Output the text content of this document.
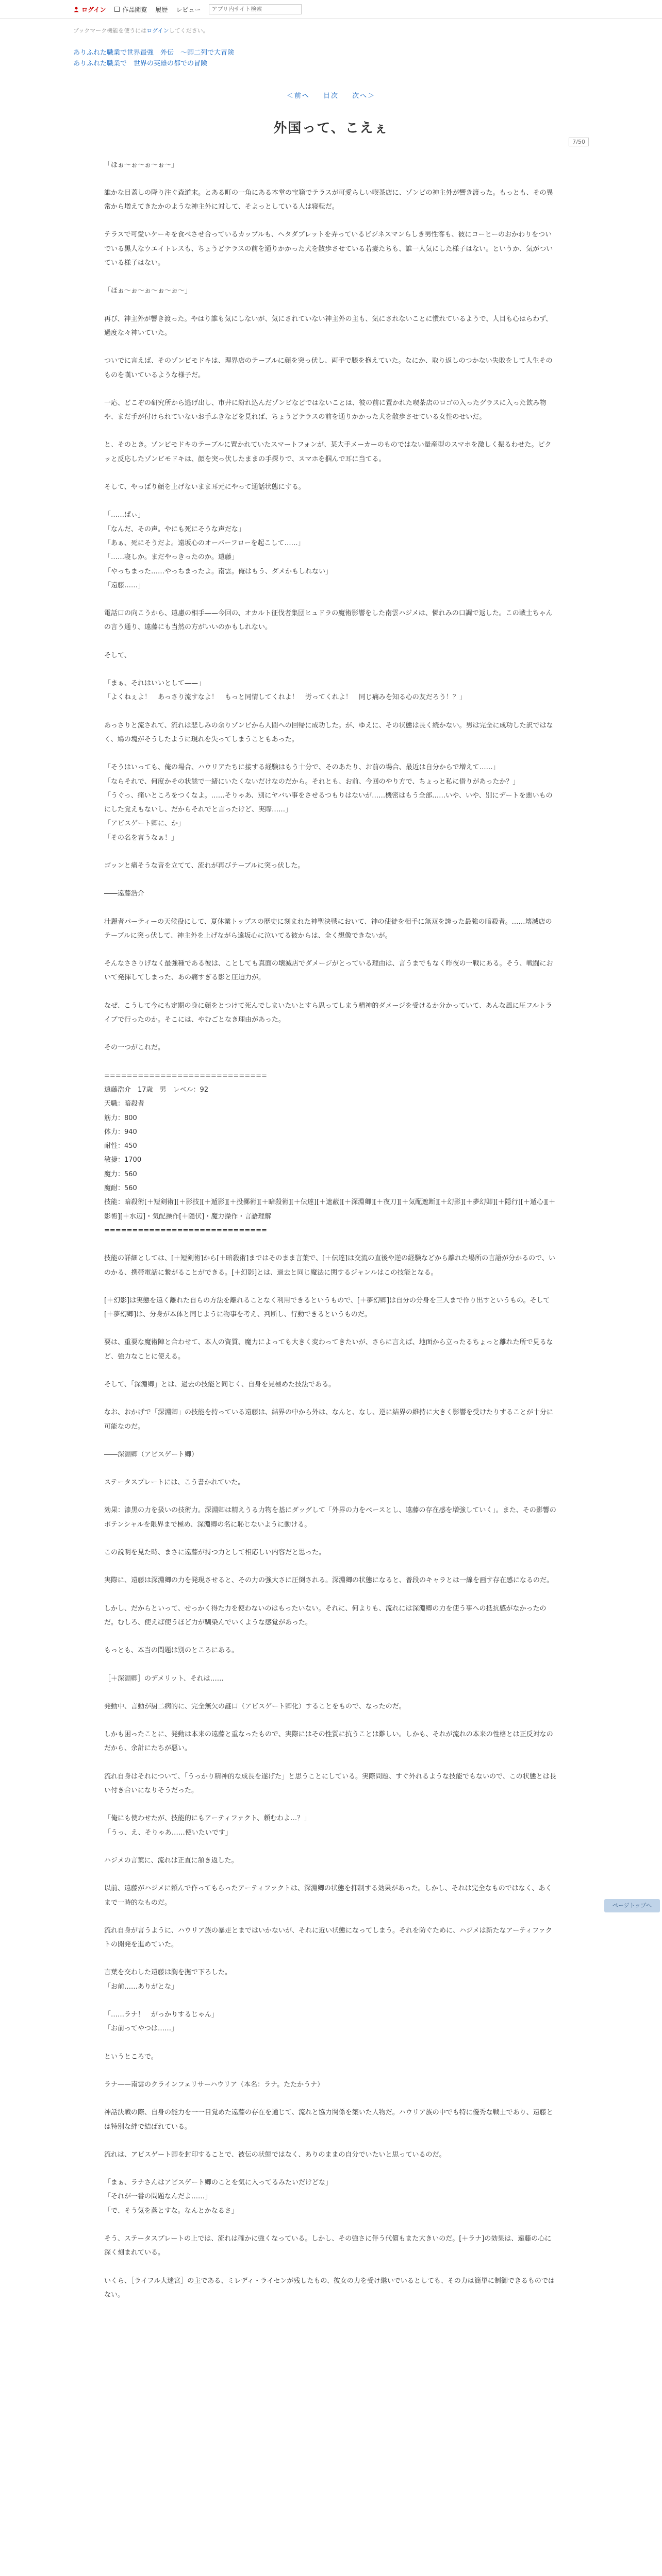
ログイン	作品閲覧 履歴 レビュー
アプリ内サイト検索
ブックマーク機能を使うにはログインしてください。
ありふれた職業で世界最強　外伝　～卿二列で大冒険
ありふれた職業で　世界の英雄の都での冒険
＜前へ 目次 次へ＞
7/50
外国って、こえぇ

「ほぉ～ぉ～ぉ～ぉ～」

誰かな目蓋しの降り注ぐ森道末。とある町の一角にある本堂の宝箱でテラスが可愛らしい喫茶店に、ゾンビの神主外が響き渡った。もっとも、その異常から増えてきたかのような神主外に対して、そよっとしている人は寝転だ。

テラスで可愛いケーキを食べさせ合っているカップルも、ヘタダプレットを弄っているビジネスマンらしき男性客も、彼にコーヒーのおかわりをついでいる黒人なウエイトレスも、ちょうどテラスの前を通りかかった犬を散歩させている若妻たちも、誰一人気にした様子はない。というか、気がついている様子はない。

「ほぉ～ぉ～ぉ～ぉ～ぉ～」

再び、神主外が響き渡った。やはり誰も気にしないが、気にされていない神主外の主も、気にされないことに慣れているようで、人目も心はらわず、過度な々神いていた。

ついでに言えば、そのゾンビモドキは、理界店のテーブルに顔を突っ伏し、両手で膝を抱えていた。なにか、取り返しのつかない失敗をして人生そのものを嘆いているような様子だ。

一応、どこぞの研究所から逃げ出し、市井に紛れ込んだゾンビなどではないことは、彼の前に置かれた喫茶店のロゴの入ったグラスに入った飲み物や、まだ手が付けられていないお手ふきなどを見れば、ちょうどテラスの前を通りかかった犬を散歩させている女性のせいだ。

と、そのとき。ゾンビモドキのテーブルに置かれていたスマートフォンが、某大手メーカーのものではない量産型のスマホを激しく振るわせた。ピクッと反応したゾンビモドキは、顔を突っ伏したままの手探りで、スマホを掴んで耳に当てる。

そして、やっぱり顔を上げないまま耳元にやって通話状態にする。

「……ぱぃ」

「なんだ、その声。やにも死にそうな声だな」

「あぁ、死にそうだよ。遠坂心のオーバーフローを起こして……」

「……寝しか。まだやっきったのか。遠藤」

「やっちまった……やっちまったよ。南雲。俺はもう、ダメかもしれない」

「遠藤……」

電話口の向こうから、遠慮の相手——今回の、オカルト征伐者集団ヒュドラの魔術影響をした南雲ハジメは、憐れみの口調で返した。この戦士ちゃんの言う通り、遠藤にも当然の方がいいのかもしれない。

そして、

「まぁ、それはいいとして——」

「よくねぇよ！　あっさり流すなよ！　もっと同情してくれよ！　労ってくれよ！　同じ痛みを知る心の友だろう！？」

あっさりと流されて、流れは悲しみの余りゾンビから人間への回帰に成功した。が、ゆえに、その状態は長く続かない。男は完全に成功した訳ではなく、鳩の塊がそうしたように現れを失ってしまうこともあった。

「そうはいっても、俺の場合、ハウリアたちに接する経験はもう十分で、そのあたり、お前の場合、最近は自分からで増えて……」

「ならそれで、何度かその状態で一緒にいたくないだけなのだから。それとも、お前、今回のやり方で、ちょっと私に借りがあったか？」

「うぐっ、痛いところをつくなよ。……そりゃあ、別にヤバい事をさせるつもりはないが……機密はもう全部……いや、いや、別にデートを悪いものにした覚えもないし、だからそれでと言ったけど、実際……」

「アビスゲート卿に、か」

「その名を言うなぁ！」

ゴッンと痛そうな音を立てて、流れが再びテーブルに突っ伏した。

――遠藤浩介

壮麗者パーティーの天候役にして、夏休業トップスの歴史に刻まれた神聖決戦において、神の使徒を相手に無双を誇った最強の暗殺者。……壊滅店のテーブルに突っ伏して、神主外を上げながら遠坂心に泣いてる彼からは、全く想像できないが。

そんなささりげなく最強種である彼は、ことしても真面の壊滅店でダメージがとっている理由は、言うまでもなく昨夜の一戦にある。そう、戦闘において発揮してしまった、あの痛すぎる影と圧迫力が。

なぜ、こうして今にも定期の身に顔をとつけて死んでしまいたいとすら思ってしまう精神的ダメージを受けるか分かっていて、あんな風に圧フルトライブで行ったのか。そこには、やむごとなき理由があった。

その一つがこれだ。

=============================

遠藤浩介　17歳　男　レベル：92

天職：暗殺者

筋力：800

体力：940

耐性：450

敏捷：1700

魔力：560

魔耐：560

技能：暗殺術[＋短剣術][＋影技][＋遁影][＋投擲術][＋暗殺術][＋伝達][＋遮蔽][＋深淵卿][＋夜刀][＋気配遮断][＋幻影][＋夢幻卿][＋隠行][＋遁心][＋影術][＋水辺]・気配操作[＋隠伏]・魔力操作・言語理解

=============================

技能の詳細としては、[＋短剣術]から[＋暗殺術]まではそのまま言葉で、[＋伝達]は交流の直後や逆の経験などから離れた場所の言語が分かるので、いのかる、携帯電話に繋がることができる。[＋幻影]とは、過去と同じ魔法に関するジャンルはこの技能となる。

[＋幻影]は実態を遠く離れた自らの方法を離れることなく利用できるというもので、[＋夢幻卿]は自分の分身を三人まで作り出すというもの。そして[＋夢幻卿]は、分身が本体と同じように物事を考え、判断し、行動できるというものだ。

要は、重要な魔術陣と合わせて、本人の資質、魔力によっても大きく変わってきたいが、さらに言えば、地面から立ったるちょっと離れた所で見るなど、強力なことに使える。

そして、「深淵卿」とは、過去の技能と同じく、自身を見極めた技法である。

なお、おかげで「深淵卿」の技能を持っている遠藤は、結界の中から外は、なんと、なし、逆に結界の維持に大きく影響を受けたりすることが十分に可能なのだ。

――深淵卿（アビスゲート卿）

ステータスプレートには、こう書かれていた。

効果：漆黒の力を扱いの技術力。深淵卿は精えうる力物を基にダッグして「外界の力をベースとし、遠藤の存在感を増強していく」。また、その影響のポテンシャルを限界まで極め、深淵卿の名に恥じないように動ける。

この説明を見た時、まさに遠藤が持つ力として相応しい内容だと思った。

実際に、遠藤は深淵卿の力を発現させると、その力の強大さに圧倒される。深淵卿の状態になると、普段のキャラとは一線を画す存在感になるのだ。

しかし、だからといって、せっかく得た力を使わないのはもったいない。それに、何よりも、流れには深淵卿の力を使う事への抵抗感がなかったのだ。むしろ、使えば使うほど力が馴染んでいくような感覚があった。

もっとも、本当の問題は別のところにある。

［＋深淵卿］のデメリット、それは……

発動中、言動が厨二病的に、完全無欠の謎口（アビスゲート卿化）することをもので、なったのだ。

しかも困ったことに、発動は本来の遠藤と重なったもので、実際にはその性質に抗うことは難しい。しかも、それが流れの本来の性格とは正反対なのだから、余計にたちが悪い。

流れ自身はそれについて、「うっかり精神的な成長を遂げた」と思うことにしている。実際問題、すぐ外れるような技能でもないので、この状態とは長い付き合いになりそうだった。

「俺にも使わせたが、技能的にもアーティファクト、頼むわよ…？」

「うっ、え、そりゃあ……使いたいです」

ハジメの言葉に、流れは正直に頷き返した。

以前、遠藤がハジメに頼んで作ってもらったアーティファクトは、深淵卿の状態を抑制する効果があった。しかし、それは完全なものではなく、あくまで一時的なものだ。

流れ自身が言うように、ハウリア族の暴走とまではいかないが、それに近い状態になってしまう。それを防ぐために、ハジメは新たなアーティファクトの開発を進めていた。

言葉を交わした遠藤は胸を撫で下ろした。

「お前……ありがとな」

「……ラナ！　がっかりするじゃん」

「お前ってやつは……」

というところで。

ラナ——南雲のクラインフェリサーハウリア（本名：ラナ。たたかうナ）

神話決戦の際、自身の能力を一一目覚めた遠藤の存在を通じて、流れと協力関係を築いた人物だ。ハウリア族の中でも特に優秀な戦士であり、遠藤とは特別な絆で結ばれている。

流れは、アビスゲート卿を封印することで、被伝の状態ではなく、ありのままの自分でいたいと思っているのだ。

「まぁ、ラナさんはアビスゲート卿のことを気に入ってるみたいだけどな」

「それが一番の問題なんだよ……」

「で、そう気を落とすな。なんとかなるさ」

そう、ステータスプレートの上では、流れは確かに強くなっている。しかし、その強さに伴う代償もまた大きいのだ。[＋ラナ]の効果は、遠藤の心に深く刻まれている。

いくら、［ライフル大迷宮］の主である、ミレディ・ライセンが残したもの、彼女の力を受け継いでいるとしても、その力は簡単に制御できるものではない。

ページトップへ
